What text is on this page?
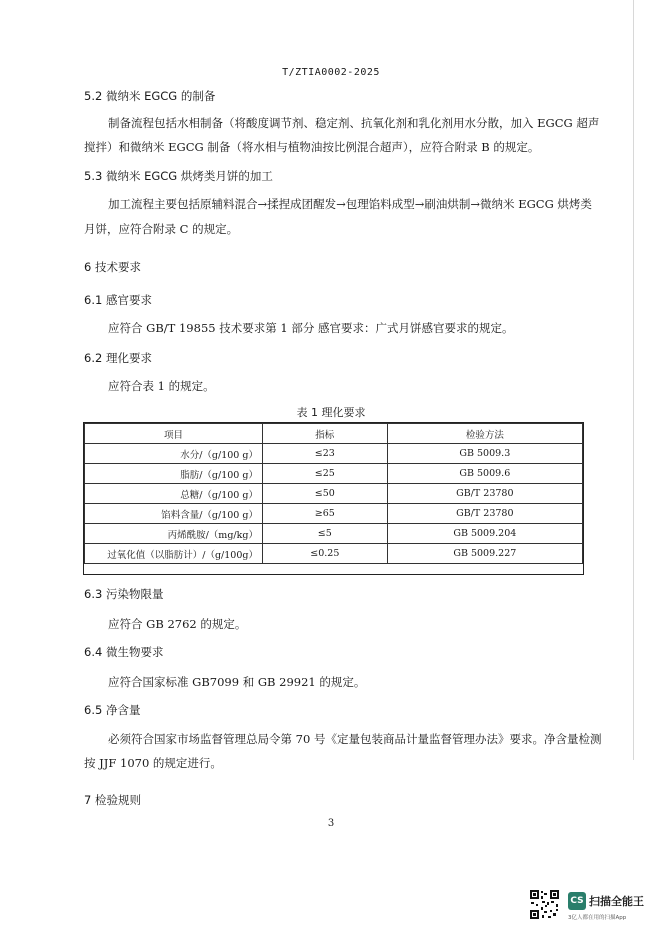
T/ZTIA0002-2025
5.2 微纳米 EGCG 的制备
制备流程包括水相制备（将酸度调节剂、稳定剂、抗氧化剂和乳化剂用水分散，加入 EGCG 超声
搅拌）和微纳米 EGCG 制备（将水相与植物油按比例混合超声），应符合附录 B 的规定。
5.3 微纳米 EGCG 烘烤类月饼的加工
加工流程主要包括原辅料混合→揉捏成团醒发→包理馅料成型→刷油烘制→微纳米 EGCG 烘烤类
月饼，应符合附录 C 的规定。
6 技术要求
6.1 感官要求
应符合 GB/T 19855 技术要求第 1 部分 感官要求：广式月饼感官要求的规定。
6.2 理化要求
应符合表 1 的规定。
表 1 理化要求
项目	指标	检验方法
水分/（g/100 g）	≤23	GB 5009.3
脂肪/（g/100 g）	≤25	GB 5009.6
总糖/（g/100 g）	≤50	GB/T 23780
馅料含量/（g/100 g）	≥65	GB/T 23780
丙烯酰胺/（mg/kg）	≤5	GB 5009.204
过氧化值（以脂肪计）/（g/100g）	≤0.25	GB 5009.227
6.3 污染物限量
应符合 GB 2762 的规定。
6.4 微生物要求
应符合国家标准 GB7099 和 GB 29921 的规定。
6.5 净含量
必须符合国家市场监督管理总局令第 70 号《定量包装商品计量监督管理办法》要求。净含量检测
按 JJF 1070 的规定进行。
7 检验规则
3
CS 扫描全能王
3亿人都在用的扫描App
